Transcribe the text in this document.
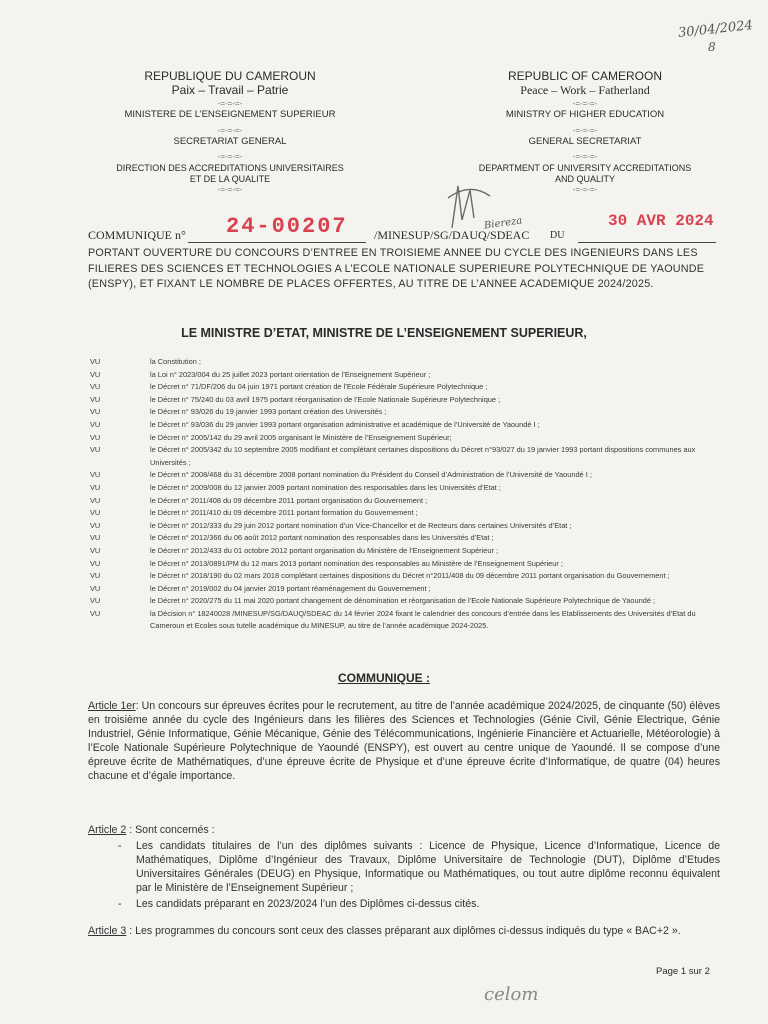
30/04/2024
8
REPUBLIQUE DU CAMEROUN
Paix – Travail – Patrie
-=-=-=-
MINISTERE DE L’ENSEIGNEMENT SUPERIEUR
-=-=-=-
SECRETARIAT GENERAL
-=-=-=-
DIRECTION DES ACCREDITATIONS UNIVERSITAIRES
ET DE LA QUALITE
-=-=-=-
REPUBLIC OF CAMEROON
Peace – Work – Fatherland
-=-=-=-
MINISTRY OF HIGHER EDUCATION
-=-=-=-
GENERAL SECRETARIAT
-=-=-=-
DEPARTMENT OF UNIVERSITY ACCREDITATIONS
AND QUALITY
-=-=-=-
Biereza
COMMUNIQUE n° 24-00207 /MINESUP/SG/DAUQ/SDEAC DU
30 AVR 2024
PORTANT OUVERTURE DU CONCOURS D’ENTREE EN TROISIEME ANNEE DU CYCLE DES INGENIEURS DANS LES FILIERES DES SCIENCES ET TECHNOLOGIES A L’ECOLE NATIONALE SUPERIEURE POLYTECHNIQUE DE YAOUNDE (ENSPY), ET FIXANT LE NOMBRE DE PLACES OFFERTES, AU TITRE DE L’ANNEE ACADEMIQUE 2024/2025.
LE MINISTRE D’ETAT, MINISTRE DE L’ENSEIGNEMENT SUPERIEUR,
VU	la Constitution ;
VU	la Loi n° 2023/004 du 25 juillet 2023 portant orientation de l’Enseignement Supérieur ;
VU	le Décret n° 71/DF/206 du 04 juin 1971 portant création de l’Ecole Fédérale Supérieure Polytechnique ;
VU	le Décret n° 75/240 du 03 avril 1975 portant réorganisation de l’Ecole Nationale Supérieure Polytechnique ;
VU	le Décret n° 93/026 du 19 janvier 1993 portant création des Universités ;
VU	le Décret n° 93/036 du 29 janvier 1993 portant organisation administrative et académique de l’Université de Yaoundé I ;
VU	le Décret n° 2005/142 du 29 avril 2005 organisant le Ministère de l’Enseignement Supérieur;
VU	le Décret n° 2005/342 du 10 septembre 2005 modifiant et complétant certaines dispositions du Décret n°93/027 du 19 janvier 1993 portant dispositions communes aux Universités ;
VU	le Décret n° 2008/468 du 31 décembre 2008 portant nomination du Président du Conseil d’Administration de l’Université de Yaoundé I ;
VU	le Décret n° 2009/008 du 12 janvier 2009 portant nomination des responsables dans les Universités d’Etat ;
VU	le Décret n° 2011/408 du 09 décembre 2011 portant organisation du Gouvernement ;
VU	le Décret n° 2011/410 du 09 décembre 2011 portant formation du Gouvernement ;
VU	le Décret n° 2012/333 du 29 juin 2012 portant nomination d’un Vice-Chancellor et de Recteurs dans certaines Universités d’Etat ;
VU	le Décret n° 2012/366 du 06 août 2012 portant nomination des responsables dans les Universités d’Etat ;
VU	le Décret n° 2012/433 du 01 octobre 2012 portant organisation du Ministère de l’Enseignement Supérieur ;
VU	le Décret n° 2013/0891/PM du 12 mars 2013 portant nomination des responsables au Ministère de l’Enseignement Supérieur ;
VU	le Décret n° 2018/190 du 02 mars 2018 complétant certaines dispositions du Décret n°2011/408 du 09 décembre 2011 portant organisation du Gouvernement ;
VU	le Décret n° 2019/002 du 04 janvier 2019 portant réaménagement du Gouvernement ;
VU	le Décret n° 2020/275 du 11 mai 2020 portant changement de dénomination et réorganisation de l’Ecole Nationale Supérieure Polytechnique de Yaoundé ;
VU	la Décision n° 18240028 /MINESUP/SG/DAUQ/SDEAC du 14 février 2024 fixant le calendrier des concours d’entrée dans les Etablissements des Universités d’Etat du Cameroun et Ecoles sous tutelle académique du MINESUP, au titre de l’année académique 2024-2025.
COMMUNIQUE :
Article 1er: Un concours sur épreuves écrites pour le recrutement, au titre de l’année académique 2024/2025, de cinquante (50) élèves en troisième année du cycle des Ingénieurs dans les filières des Sciences et Technologies (Génie Civil, Génie Electrique, Génie Industriel, Génie Informatique, Génie Mécanique, Génie des Télécommunications, Ingénierie Financière et Actuarielle, Météorologie) à l’Ecole Nationale Supérieure Polytechnique de Yaoundé (ENSPY), est ouvert au centre unique de Yaoundé. Il se compose d’une épreuve écrite de Mathématiques, d’une épreuve écrite de Physique et d’une épreuve écrite d’Informatique, de quatre (04) heures chacune et d’égale importance.
Article 2 : Sont concernés :
- Les candidats titulaires de l’un des diplômes suivants : Licence de Physique, Licence d’Informatique, Licence de Mathématiques, Diplôme d’Ingénieur des Travaux, Diplôme Universitaire de Technologie (DUT), Diplôme d’Etudes Universitaires Générales (DEUG) en Physique, Informatique ou Mathématiques, ou tout autre diplôme reconnu équivalent par le Ministère de l’Enseignement Supérieur ;
- Les candidats préparant en 2023/2024 l’un des Diplômes ci-dessus cités.
Article 3 : Les programmes du concours sont ceux des classes préparant aux diplômes ci-dessus indiqués du type « BAC+2 ».
Page 1 sur 2
celom
